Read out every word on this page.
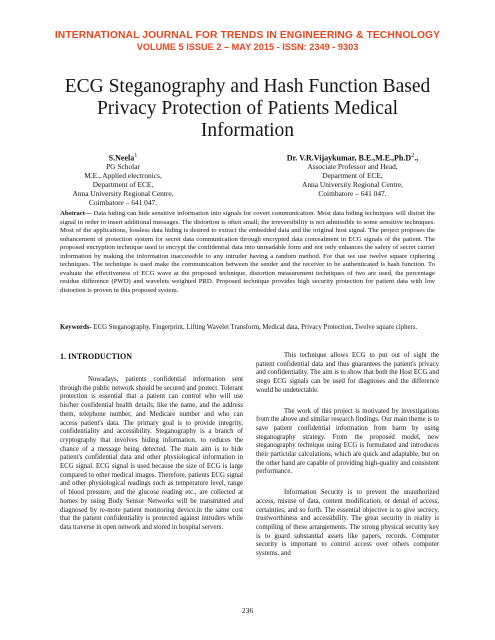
INTERNATIONAL JOURNAL FOR TRENDS IN ENGINEERING & TECHNOLOGY
VOLUME 5 ISSUE 2 – MAY 2015 - ISSN: 2349 - 9303
ECG Steganography and Hash Function Based Privacy Protection of Patients Medical Information
S.Neela$^1$
PG Scholar
M.E., Applied electronics,
Department of ECE,
Anna University Regional Centre,
Coimbatore – 641 047.
Dr. V.R.Vijaykumar, $B.E.,M.E.,Ph.D^2$.,
Associate Professor and Head,
Department of ECE,
Anna University Regional Centre,
Coimbatore – 641 047.
Abstract— Data hiding can hide sensitive information into signals for covert communication. Most data hiding techniques will distort the signal in order to insert additional messages. The distortion is often small; the irreversibility is not admissible to some sensitive techniques. Most of the applications, lossless data hiding is desired to extract the embedded data and the original host signal. The project proposes the enhancement of protection system for secret data communication through encrypted data concealment in ECG signals of the patient. The proposed encryption technique used to encrypt the confidential data into unreadable form and not only enhances the safety of secret carrier information by making the information inaccessible to any intruder having a random method. For that we use twelve square ciphering techniques. The technique is used make the communication between the sender and the receiver to be authenticated is hash function. To evaluate the effectiveness of ECG wave at the proposed technique, distortion measurement techniques of two are used, the percentage residue difference (PWD) and wavelets weighted PRD. Proposed technique provides high security protection for patient data with low distortion is proven in this proposed system.
Keywords- ECG Steganography, Fingerprint, Lifting Wavelet Transform, Medical data, Privacy Protection, Twelve square ciphers.
1. INTRODUCTION

Nowadays, patients confidential information sent through the public network should be secured and protect. Tolerant protection is essential that a patient can control who will use his/her confidential health details, like the name, and the address them, telephone number, and Medicare number and who can access patient's data. The primary goal is to provide integrity, confidentiality and accessibility. Steganography is a branch of cryptography that involves hiding information. to reduces the chance of a message being detected. The main aim is to hide patient's confidential data and other physiological information in ECG signal. ECG signal is used because the size of ECG is large compared to other medical images. Therefore, patients ECG signal and other physiological readings such as temperature level, range of blood pressure, and the glucose reading etc., are collected at homes by using Body Sensor Networks will be transmitted and diagnosed by re-mote patient monitoring device.in the same cost that the patient confidentiality is protected against intruders while data traverse in open network and stored in hospital servers.

This technique allows ECG to put out of sight the patient confidential data and thus guarantees the patient's privacy and confidentiality. The aim is to show that both the Host ECG and stego ECG signals can be used for diagnoses and the difference would be undetectable.

The work of this project is motivated by investigations from the above and similar research findings. Our main theme is to save patient confidential information from harm by using steganography strategy. From the proposed model, new steganography technique using ECG is formulated and introduces their particular calculations, which are quick and adaptable, but on the other hand are capable of providing high-quality and consistent performance.

Information Security is to prevent the unauthorized access, misuse of data, content modification, or denial of access, certainties, and so forth. The essential objective is to give secrecy, trustworthiness and accessibility. The great security in reality is compiling of these arrangements. The strong physical security key is to guard substantial assets like papers, records. Computer security is important to control access over others computer systems, and

236
